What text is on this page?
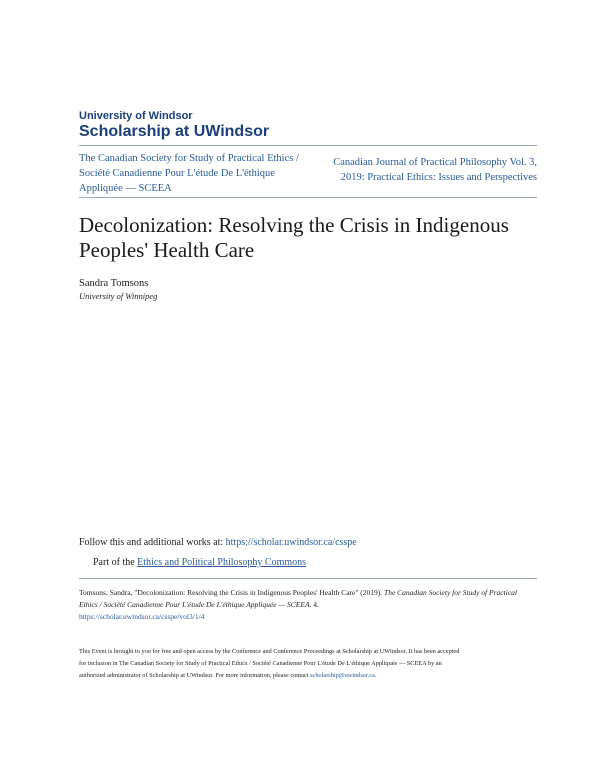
University of Windsor
Scholarship at UWindsor
The Canadian Society for Study of Practical Ethics /
Société Canadienne Pour L'étude De L'éthique
Appliquée — SCEEA
Canadian Journal of Practical Philosophy Vol. 3,
2019: Practical Ethics: Issues and Perspectives
Decolonization: Resolving the Crisis in Indigenous
Peoples' Health Care
Sandra Tomsons
University of Winnipeg
Follow this and additional works at: https://scholar.uwindsor.ca/csspe
Part of the Ethics and Political Philosophy Commons
Tomsons, Sandra, "Decolonization: Resolving the Crisis in Indigenous Peoples' Health Care" (2019). The Canadian Society for Study of Practical Ethics / Société Canadienne Pour L'étude De L'éthique Appliquée — SCEEA. 4.
https://scholar.uwindsor.ca/csspe/vol3/1/4
This Event is brought to you for free and open access by the Conference and Conference Proceedings at Scholarship at UWindsor. It has been accepted
for inclusion in The Canadian Society for Study of Practical Ethics / Société Canadienne Pour L'étude De L'éthique Appliquée — SCEEA by an
authorized administrator of Scholarship at UWindsor. For more information, please contact scholarship@uwindsor.ca.
